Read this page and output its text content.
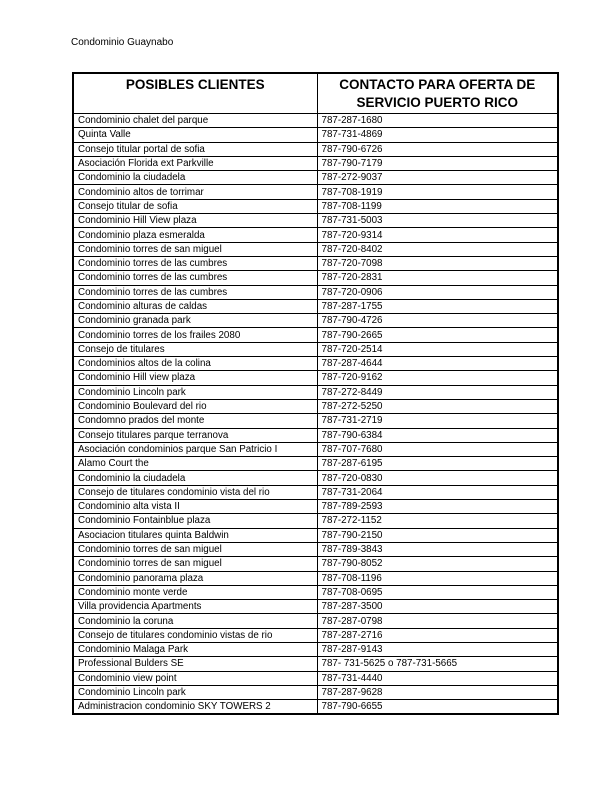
Condominio Guaynabo
POSIBLES CLIENTES	CONTACTO PARA OFERTA DE SERVICIO PUERTO RICO
Condominio chalet del parque	787-287-1680
Quinta Valle	787-731-4869
Consejo titular portal de sofia	787-790-6726
Asociación Florida ext Parkville	787-790-7179
Condominio la ciudadela	787-272-9037
Condominio altos de torrimar	787-708-1919
Consejo titular de sofia	787-708-1199
Condominio Hill View plaza	787-731-5003
Condominio plaza esmeralda	787-720-9314
Condominio torres de san miguel	787-720-8402
Condominio torres de las cumbres	787-720-7098
Condominio torres de las cumbres	787-720-2831
Condominio torres de las cumbres	787-720-0906
Condominio alturas de caldas	787-287-1755
Condominio granada park	787-790-4726
Condominio torres de los frailes 2080	787-790-2665
Consejo de titulares	787-720-2514
Condominios altos de la colina	787-287-4644
Condominio Hill view plaza	787-720-9162
Condominio Lincoln park	787-272-8449
Condominio Boulevard del rio	787-272-5250
Condomno prados del monte	787-731-2719
Consejo titulares parque terranova	787-790-6384
Asociación condominios parque San Patricio I	787-707-7680
Alamo Court the	787-287-6195
Condominio la ciudadela	787-720-0830
Consejo de titulares condominio vista del rio	787-731-2064
Condominio alta vista II	787-789-2593
Condominio Fontainblue plaza	787-272-1152
Asociacion titulares quinta Baldwin	787-790-2150
Condominio torres de san miguel	787-789-3843
Condominio torres de san miguel	787-790-8052
Condominio panorama plaza	787-708-1196
Condominio monte verde	787-708-0695
Villa providencia Apartments	787-287-3500
Condominio la coruna	787-287-0798
Consejo de titulares condominio vistas de rio	787-287-2716
Condominio Malaga Park	787-287-9143
Professional Bulders SE	787- 731-5625 o 787-731-5665
Condominio view point	787-731-4440
Condominio Lincoln park	787-287-9628
Administracion condominio SKY TOWERS 2	787-790-6655
